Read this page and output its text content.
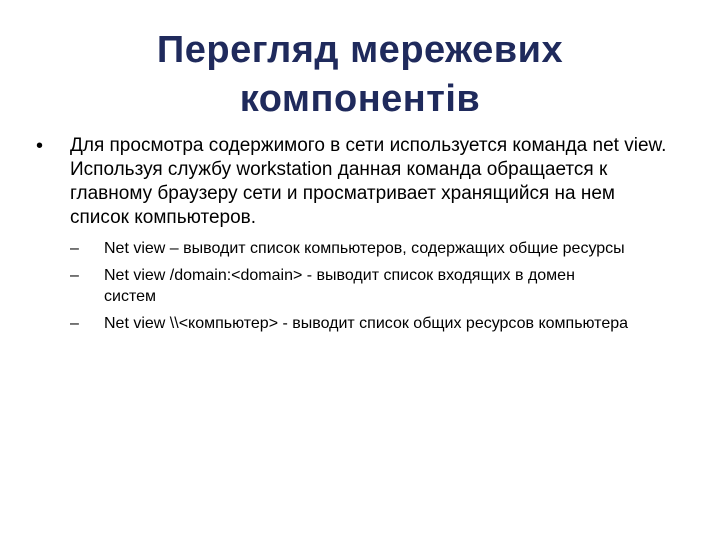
Перегляд мережевих компонентів
•	Для просмотра содержимого в сети используется команда net view. Используя службу workstation данная команда обращается к главному браузеру сети и просматривает хранящийся на нем список компьютеров.
–	Net view – выводит список компьютеров, содержащих общие ресурсы
–	Net view /domain:<domain> - выводит список входящих в домен систем
–	Net view \\<компьютер> - выводит список общих ресурсов компьютера
